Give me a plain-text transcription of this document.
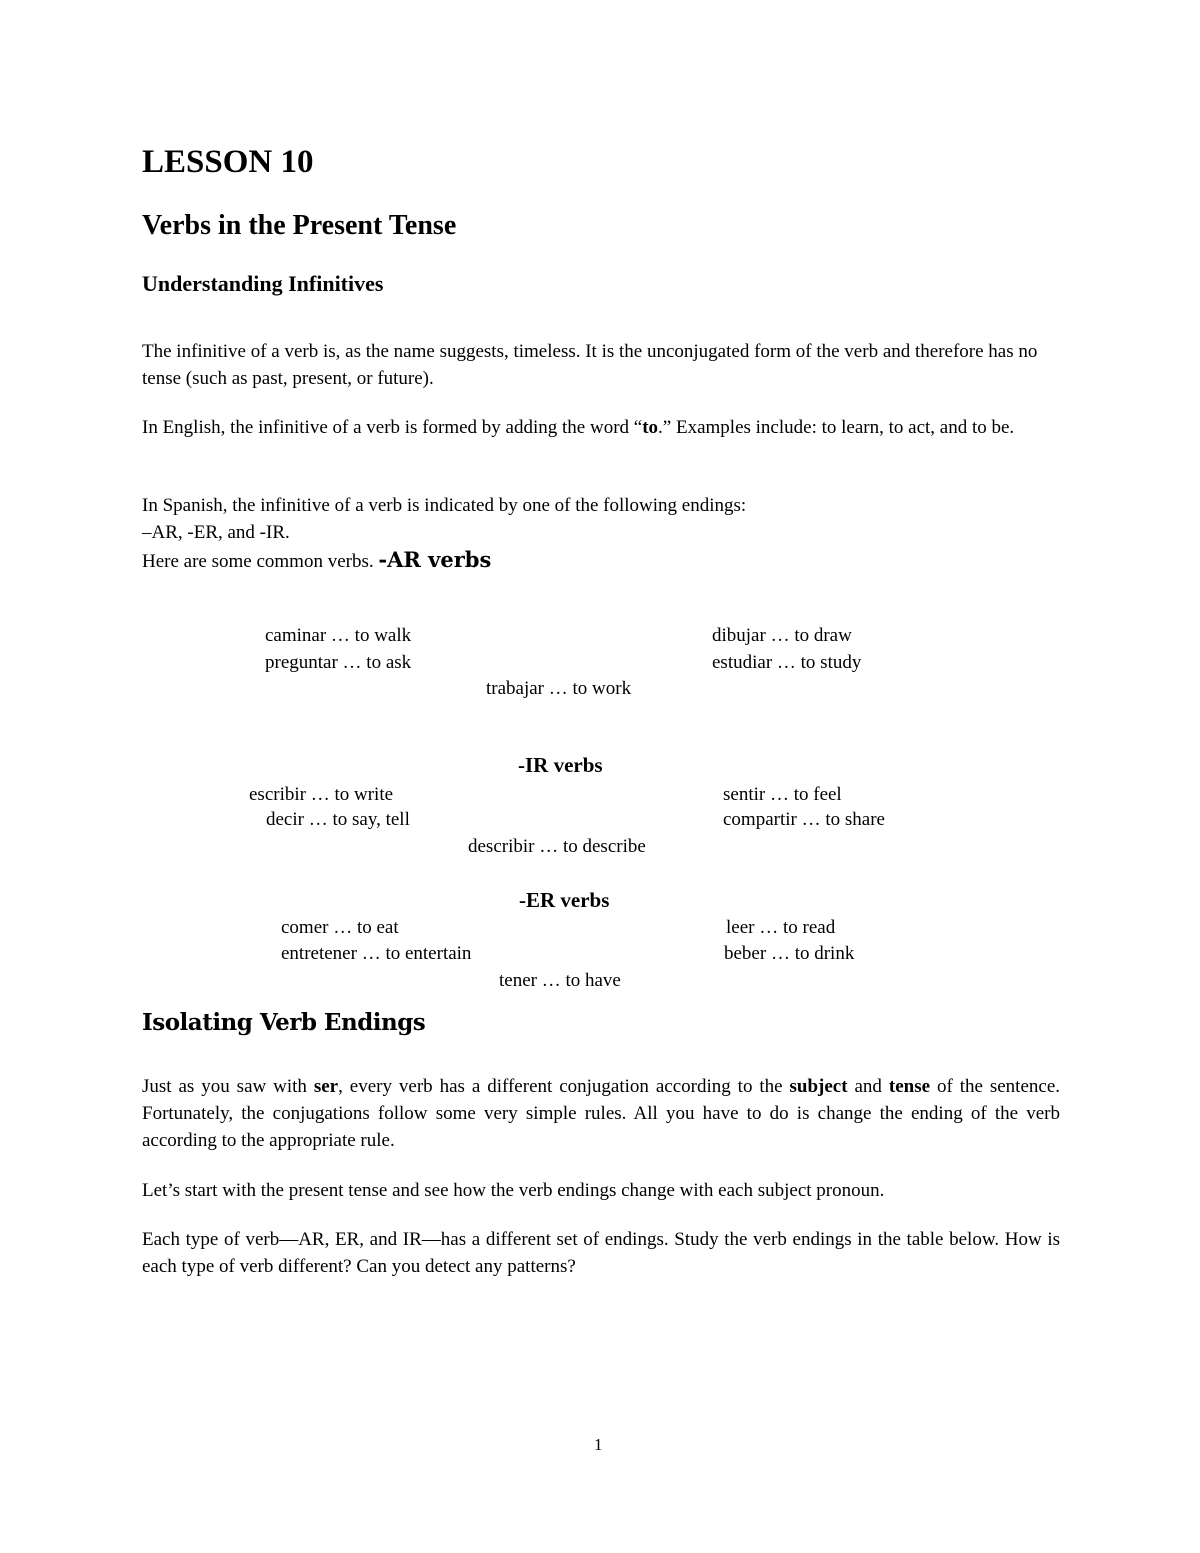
LESSON 10
Verbs in the Present Tense
Understanding Infinitives
The infinitive of a verb is, as the name suggests, timeless. It is the unconjugated form of the verb and therefore has no tense (such as past, present, or future).
In English, the infinitive of a verb is formed by adding the word “to.” Examples include: to learn, to act, and to be.
In Spanish, the infinitive of a verb is indicated by one of the following endings:
–AR, -ER, and -IR.
Here are some common verbs. -AR verbs
caminar … to walk
preguntar … to ask
dibujar … to draw
estudiar … to study
trabajar … to work
-IR verbs
escribir … to write
decir … to say, tell
sentir … to feel
compartir … to share
describir … to describe
-ER verbs
comer … to eat
entretener … to entertain
leer … to read
beber … to drink
tener … to have
Isolating Verb Endings
Just as you saw with ser, every verb has a different conjugation according to the subject and tense of the sentence. Fortunately, the conjugations follow some very simple rules. All you have to do is change the ending of the verb according to the appropriate rule.
Let’s start with the present tense and see how the verb endings change with each subject pronoun.
Each type of verb—AR, ER, and IR—has a different set of endings. Study the verb endings in the table below. How is each type of verb different? Can you detect any patterns?
1
